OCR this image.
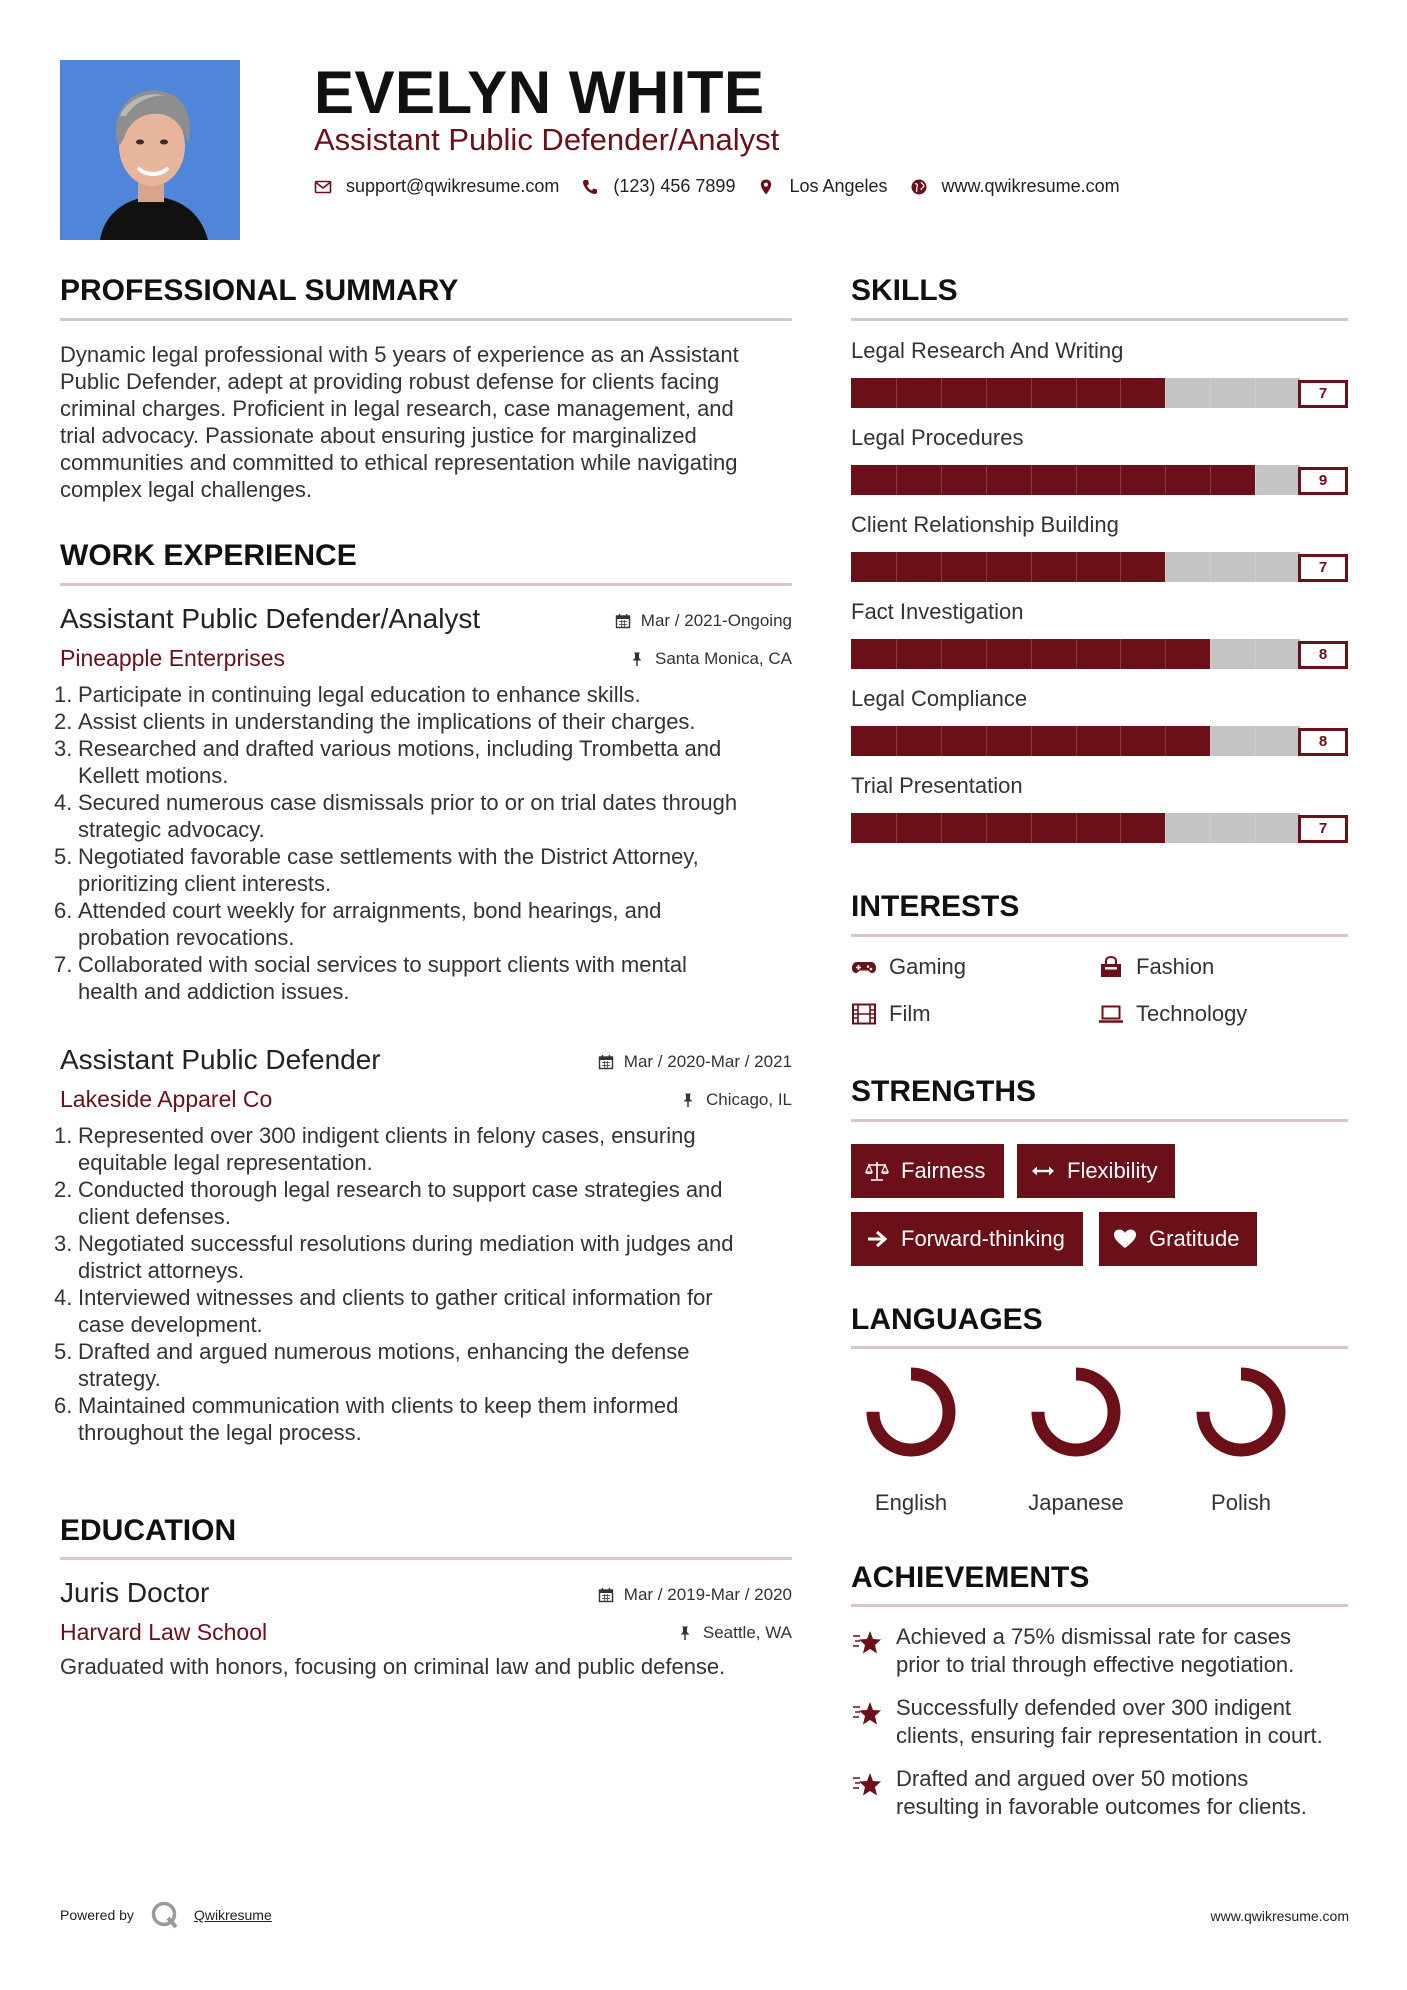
EVELYN WHITE
Assistant Public Defender/Analyst
support@qwikresume.com	(123) 456 7899	Los Angeles	www.qwikresume.com
PROFESSIONAL SUMMARY
Dynamic legal professional with 5 years of experience as an Assistant
Public Defender, adept at providing robust defense for clients facing
criminal charges. Proficient in legal research, case management, and
trial advocacy. Passionate about ensuring justice for marginalized
communities and committed to ethical representation while navigating
complex legal challenges.
WORK EXPERIENCE
Assistant Public Defender/Analyst	Mar / 2021-Ongoing
Pineapple Enterprises	Santa Monica, CA
1. Participate in continuing legal education to enhance skills.
2. Assist clients in understanding the implications of their charges.
3. Researched and drafted various motions, including Trombetta and
Kellett motions.
4. Secured numerous case dismissals prior to or on trial dates through
strategic advocacy.
5. Negotiated favorable case settlements with the District Attorney,
prioritizing client interests.
6. Attended court weekly for arraignments, bond hearings, and
probation revocations.
7. Collaborated with social services to support clients with mental
health and addiction issues.
Assistant Public Defender	Mar / 2020-Mar / 2021
Lakeside Apparel Co	Chicago, IL
1. Represented over 300 indigent clients in felony cases, ensuring
equitable legal representation.
2. Conducted thorough legal research to support case strategies and
client defenses.
3. Negotiated successful resolutions during mediation with judges and
district attorneys.
4. Interviewed witnesses and clients to gather critical information for
case development.
5. Drafted and argued numerous motions, enhancing the defense
strategy.
6. Maintained communication with clients to keep them informed
throughout the legal process.
EDUCATION
Juris Doctor	Mar / 2019-Mar / 2020
Harvard Law School	Seattle, WA
Graduated with honors, focusing on criminal law and public defense.
SKILLS
Legal Research And Writing
7
Legal Procedures
9
Client Relationship Building
7
Fact Investigation
8
Legal Compliance
8
Trial Presentation
7
INTERESTS
Gaming	Fashion
Film	Technology
STRENGTHS
Fairness	Flexibility
Forward-thinking	Gratitude
LANGUAGES
English	Japanese	Polish
ACHIEVEMENTS
Achieved a 75% dismissal rate for cases
prior to trial through effective negotiation.
Successfully defended over 300 indigent
clients, ensuring fair representation in court.
Drafted and argued over 50 motions
resulting in favorable outcomes for clients.
Powered by	Qwikresume	www.qwikresume.com
